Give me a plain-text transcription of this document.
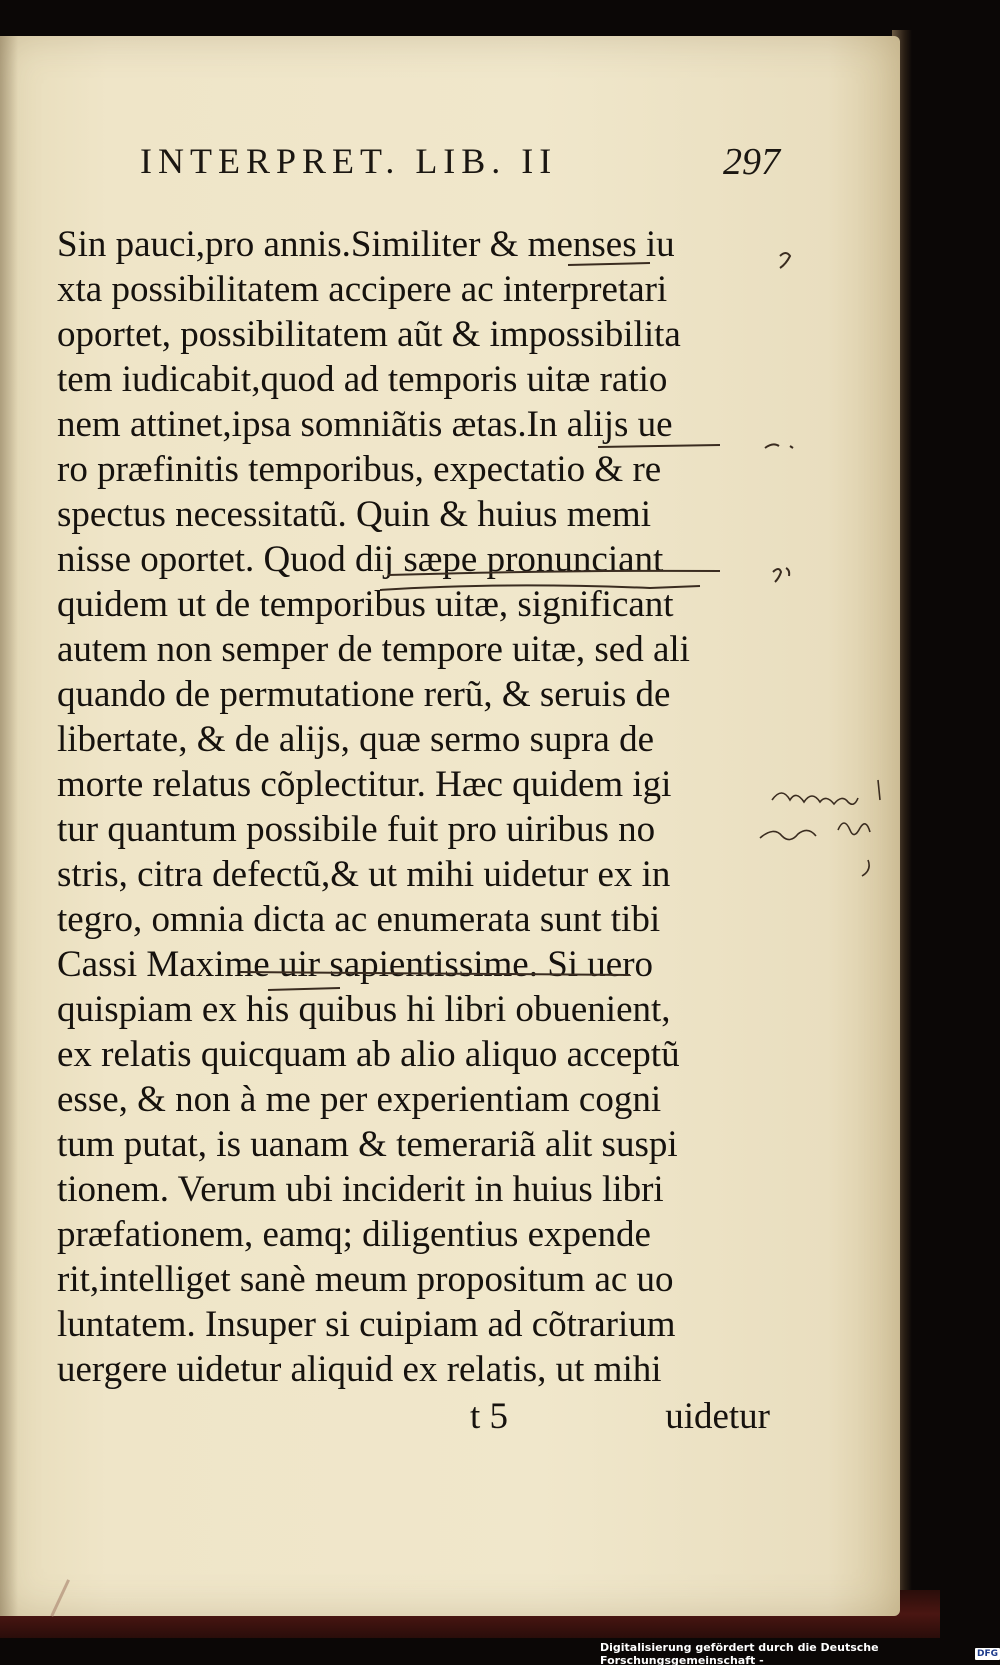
INTERPRET. LIB. II	297
Sin pauci,pro annis.Similiter & menses iu
xta possibilitatem accipere ac interpretari
oportet, possibilitatem aũt & impossibilita
tem iudicabit,quod ad temporis uitæ ratio
nem attinet,ipsa somniãtis ætas.In alijs ue
ro præfinitis temporibus, expectatio & re
spectus necessitatũ. Quin & huius memi
nisse oportet. Quod dij sæpe pronunciant
quidem ut de temporibus uitæ, significant
autem non semper de tempore uitæ, sed ali
quando de permutatione rerũ, & seruis de
libertate, & de alijs, quæ sermo supra de
morte relatus cõplectitur. Hæc quidem igi
tur quantum possibile fuit pro uiribus no
stris, citra defectũ,& ut mihi uidetur ex in
tegro, omnia dicta ac enumerata sunt tibi
Cassi Maxime uir sapientissime. Si uero
quispiam ex his quibus hi libri obuenient,
ex relatis quicquam ab alio aliquo acceptũ
esse, & non à me per experientiam cogni
tum putat, is uanam & temerariã alit suspi
tionem. Verum ubi inciderit in huius libri
præfationem, eamq; diligentius expende
rit,intelliget sanè meum propositum ac uo
luntatem. Insuper si cuipiam ad cõtrarium
uergere uidetur aliquid ex relatis, ut mihi
t 5	uidetur
Digitalisierung gefördert durch die Deutsche Forschungsgemeinschaft -	DFG
